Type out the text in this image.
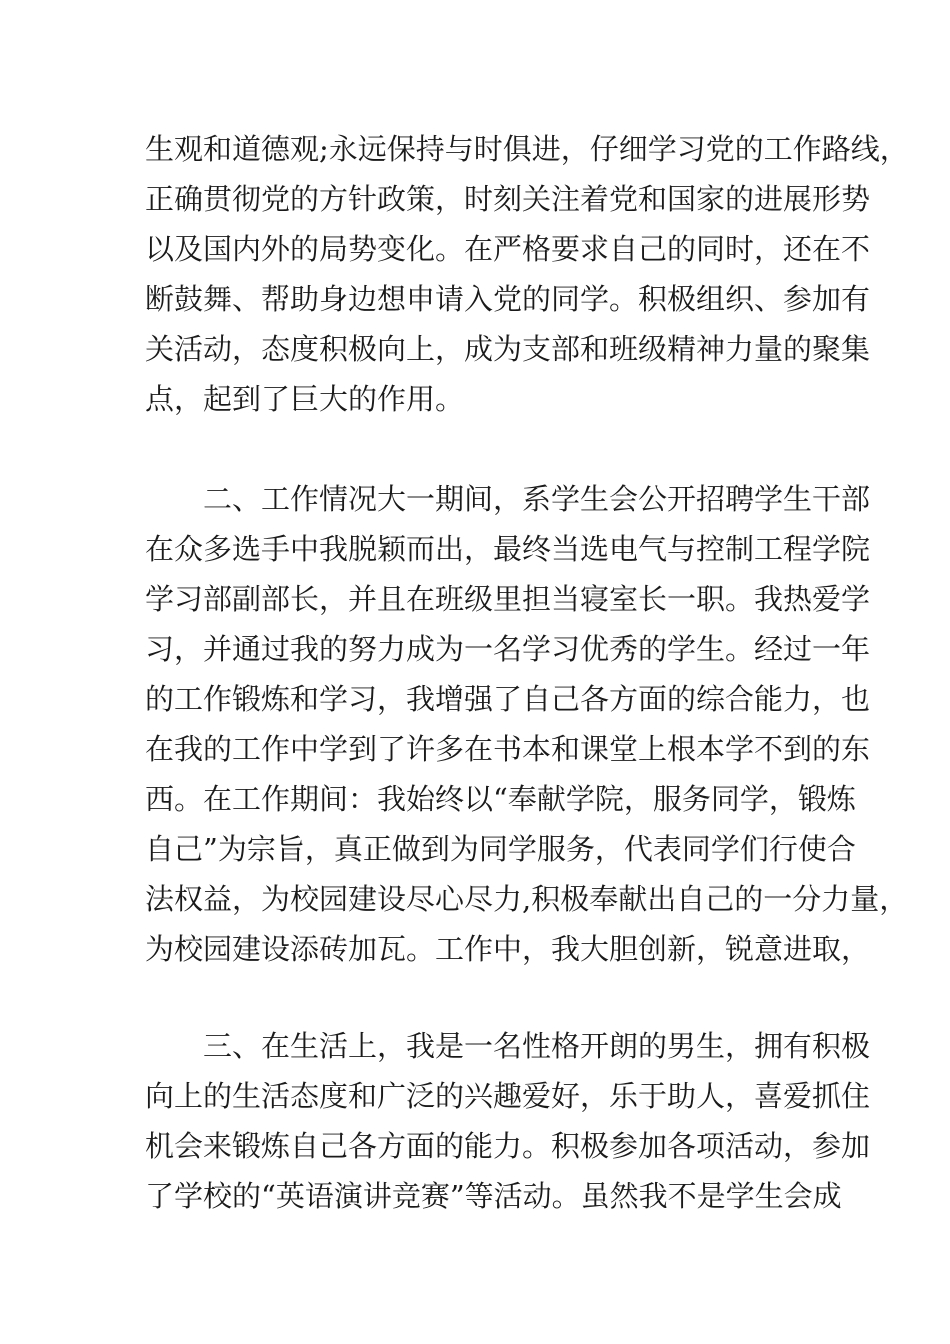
生观和道德观;永远保持与时俱进，仔细学习党的工作路线，
正确贯彻党的方针政策，时刻关注着党和国家的进展形势
以及国内外的局势变化。在严格要求自己的同时，还在不
断鼓舞、帮助身边想申请入党的同学。积极组织、参加有
关活动，态度积极向上，成为支部和班级精神力量的聚集
点，起到了巨大的作用。
　　二、工作情况大一期间，系学生会公开招聘学生干部
在众多选手中我脱颖而出，最终当选电气与控制工程学院
学习部副部长，并且在班级里担当寝室长一职。我热爱学
习，并通过我的努力成为一名学习优秀的学生。经过一年
的工作锻炼和学习，我增强了自己各方面的综合能力，也
在我的工作中学到了许多在书本和课堂上根本学不到的东
西。在工作期间：我始终以“奉献学院，服务同学，锻炼
自己”为宗旨，真正做到为同学服务，代表同学们行使合
法权益，为校园建设尽心尽力,积极奉献出自己的一分力量，
为校园建设添砖加瓦。工作中，我大胆创新，锐意进取，
　　三、在生活上，我是一名性格开朗的男生，拥有积极
向上的生活态度和广泛的兴趣爱好，乐于助人，喜爱抓住
机会来锻炼自己各方面的能力。积极参加各项活动，参加
了学校的“英语演讲竞赛”等活动。虽然我不是学生会成
